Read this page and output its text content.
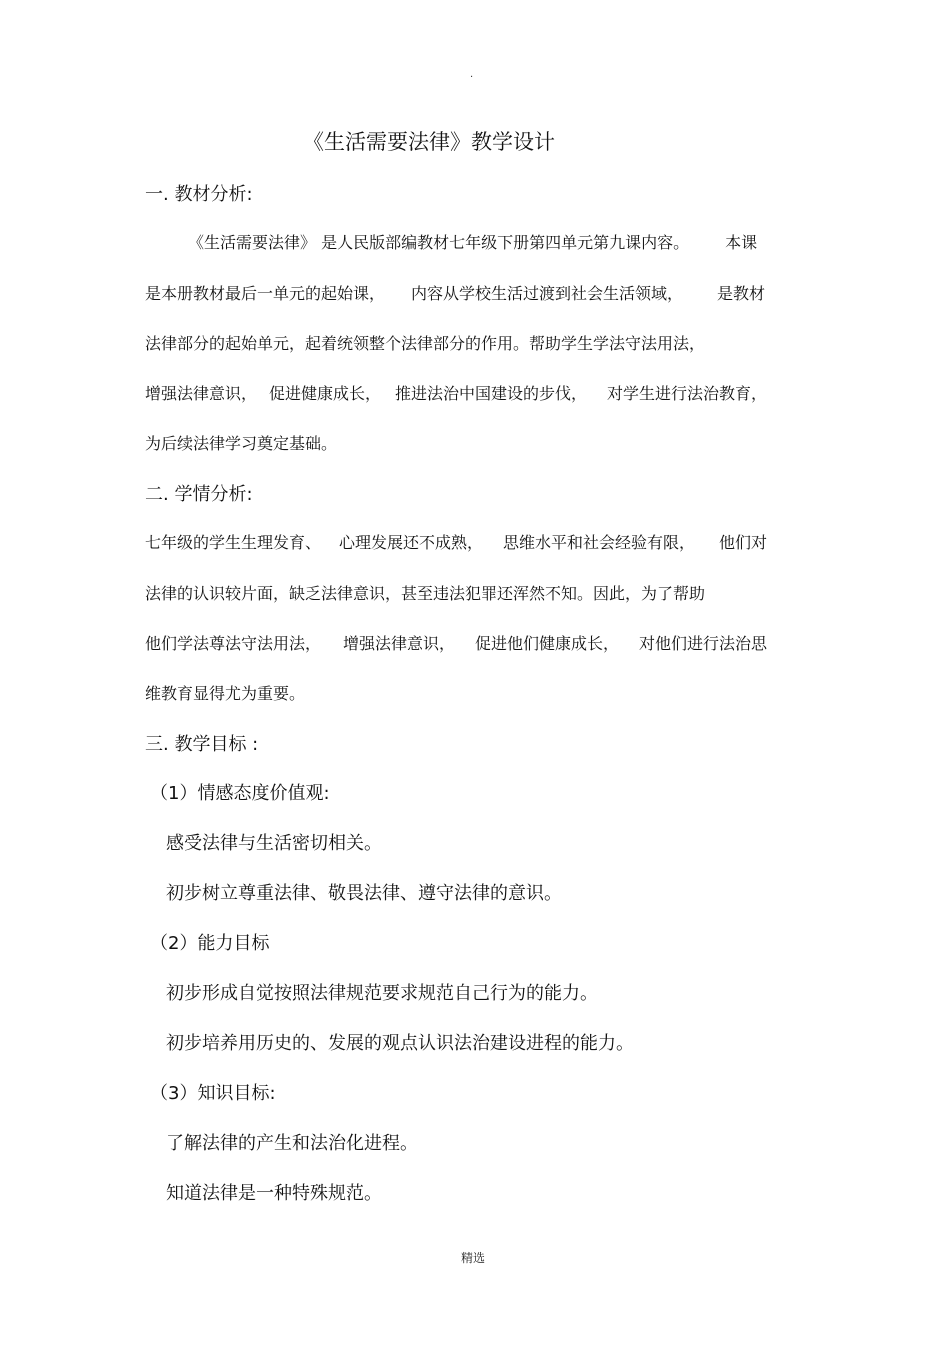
·
《生活需要法律》教学设计
一. 教材分析:
《生活需要法律》 是人民版部编教材七年级下册第四单元第九课内容。 本课
是本册教材最后一单元的起始课， 内容从学校生活过渡到社会生活领域， 是教材
法律部分的起始单元，起着统领整个法律部分的作用。帮助学生学法守法用法，
增强法律意识， 促进健康成长， 推进法治中国建设的步伐， 对学生进行法治教育，
为后续法律学习奠定基础。
二. 学情分析:
七年级的学生生理发育、 心理发展还不成熟， 思维水平和社会经验有限， 他们对
法律的认识较片面，缺乏法律意识，甚至违法犯罪还浑然不知。因此，为了帮助
他们学法尊法守法用法， 增强法律意识， 促进他们健康成长， 对他们进行法治思
维教育显得尤为重要。
三. 教学目标 :
（1）情感态度价值观:
感受法律与生活密切相关。
初步树立尊重法律、敬畏法律、遵守法律的意识。
（2）能力目标
初步形成自觉按照法律规范要求规范自己行为的能力。
初步培养用历史的、发展的观点认识法治建设进程的能力。
（3）知识目标:
了解法律的产生和法治化进程。
知道法律是一种特殊规范。
精选
